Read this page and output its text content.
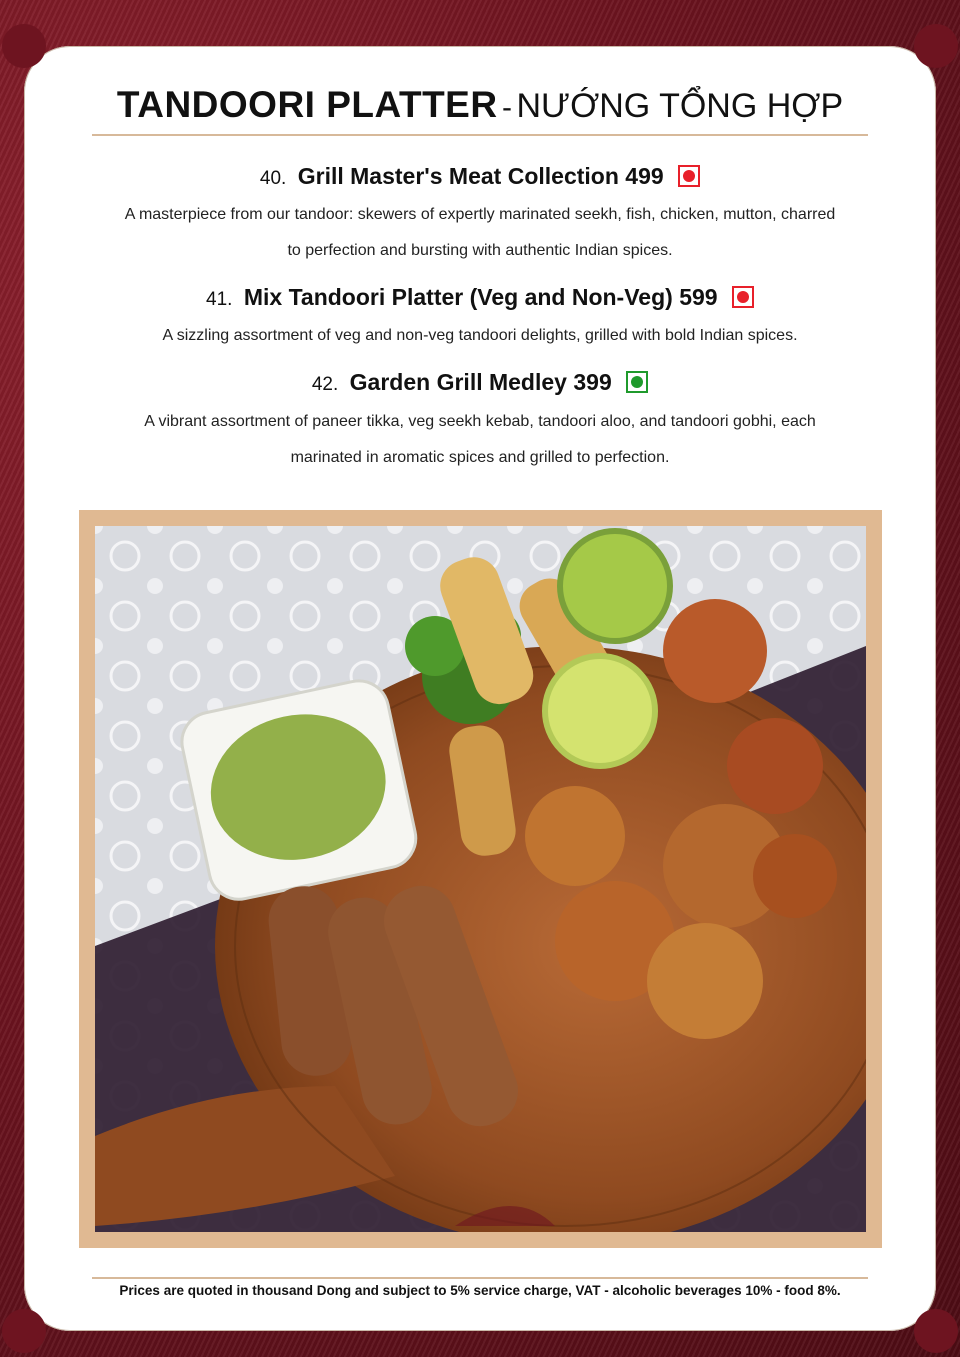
TANDOORI PLATTER - NƯỚNG TỔNG HỢP
40. Grill Master's Meat Collection 499
A masterpiece from our tandoor: skewers of expertly marinated seekh, fish, chicken, mutton, charred
to perfection and bursting with authentic Indian spices.
41. Mix Tandoori Platter (Veg and Non-Veg) 599
A sizzling assortment of veg and non-veg tandoori delights, grilled with bold Indian spices.
42. Garden Grill Medley 399
A vibrant assortment of paneer tikka, veg seekh kebab, tandoori aloo, and tandoori gobhi, each
marinated in aromatic spices and grilled to perfection.
Prices are quoted in thousand Dong and subject to 5% service charge, VAT - alcoholic beverages 10% - food 8%.
